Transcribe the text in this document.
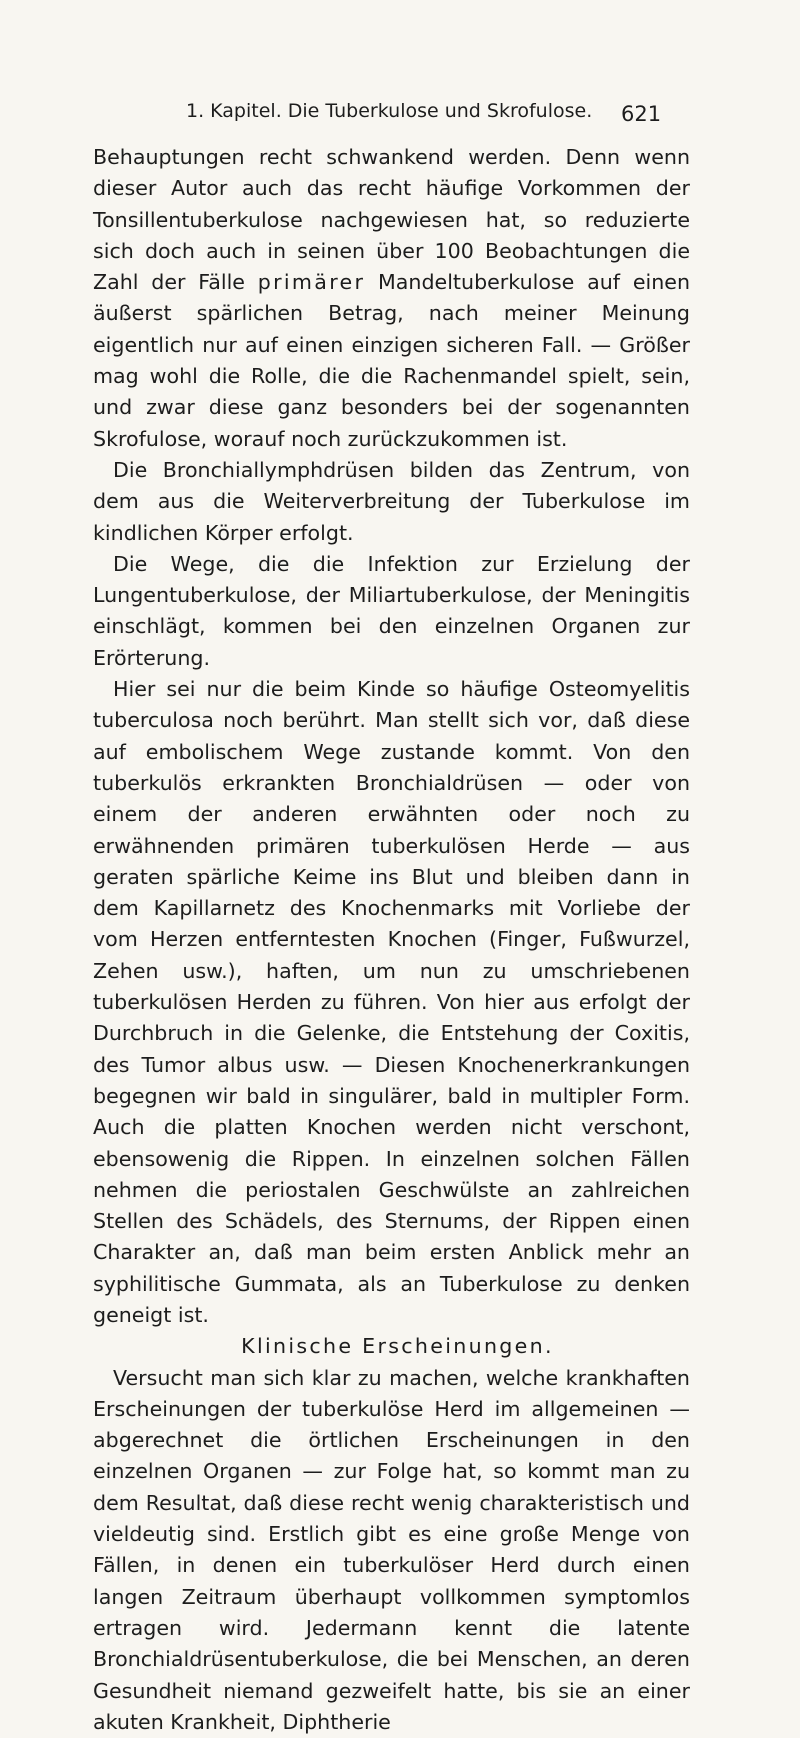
1. Kapitel. Die Tuberkulose und Skrofulose. 621

Behauptungen recht schwankend werden. Denn wenn dieser Autor auch das recht häufige Vorkommen der Tonsillentuberkulose nachgewiesen hat, so reduzierte sich doch auch in seinen über 100 Beobachtungen die Zahl der Fälle primärer Mandeltuberkulose auf einen äußerst spärlichen Betrag, nach meiner Meinung eigentlich nur auf einen einzigen sicheren Fall. — Größer mag wohl die Rolle, die die Rachenmandel spielt, sein, und zwar diese ganz besonders bei der sogenannten Skrofulose, worauf noch zurückzukommen ist.

Die Bronchiallymphdrüsen bilden das Zentrum, von dem aus die Weiterverbreitung der Tuberkulose im kindlichen Körper erfolgt.

Die Wege, die die Infektion zur Erzielung der Lungentuberkulose, der Miliartuberkulose, der Meningitis einschlägt, kommen bei den einzelnen Organen zur Erörterung.

Hier sei nur die beim Kinde so häufige Osteomyelitis tuberculosa noch berührt. Man stellt sich vor, daß diese auf embolischem Wege zustande kommt. Von den tuberkulös erkrankten Bronchialdrüsen — oder von einem der anderen erwähnten oder noch zu erwähnenden primären tuberkulösen Herde — aus geraten spärliche Keime ins Blut und bleiben dann in dem Kapillarnetz des Knochenmarks mit Vorliebe der vom Herzen entferntesten Knochen (Finger, Fußwurzel, Zehen usw.), haften, um nun zu umschriebenen tuberkulösen Herden zu führen. Von hier aus erfolgt der Durchbruch in die Gelenke, die Entstehung der Coxitis, des Tumor albus usw. — Diesen Knochenerkrankungen begegnen wir bald in singulärer, bald in multipler Form. Auch die platten Knochen werden nicht verschont, ebensowenig die Rippen. In einzelnen solchen Fällen nehmen die periostalen Geschwülste an zahlreichen Stellen des Schädels, des Sternums, der Rippen einen Charakter an, daß man beim ersten Anblick mehr an syphilitische Gummata, als an Tuberkulose zu denken geneigt ist.

Klinische Erscheinungen.

Versucht man sich klar zu machen, welche krankhaften Erscheinungen der tuberkulöse Herd im allgemeinen — abgerechnet die örtlichen Erscheinungen in den einzelnen Organen — zur Folge hat, so kommt man zu dem Resultat, daß diese recht wenig charakteristisch und vieldeutig sind. Erstlich gibt es eine große Menge von Fällen, in denen ein tuberkulöser Herd durch einen langen Zeitraum überhaupt vollkommen symptomlos ertragen wird. Jedermann kennt die latente Bronchialdrüsentuberkulose, die bei Menschen, an deren Gesundheit niemand gezweifelt hatte, bis sie an einer akuten Krankheit, Diphtherie
